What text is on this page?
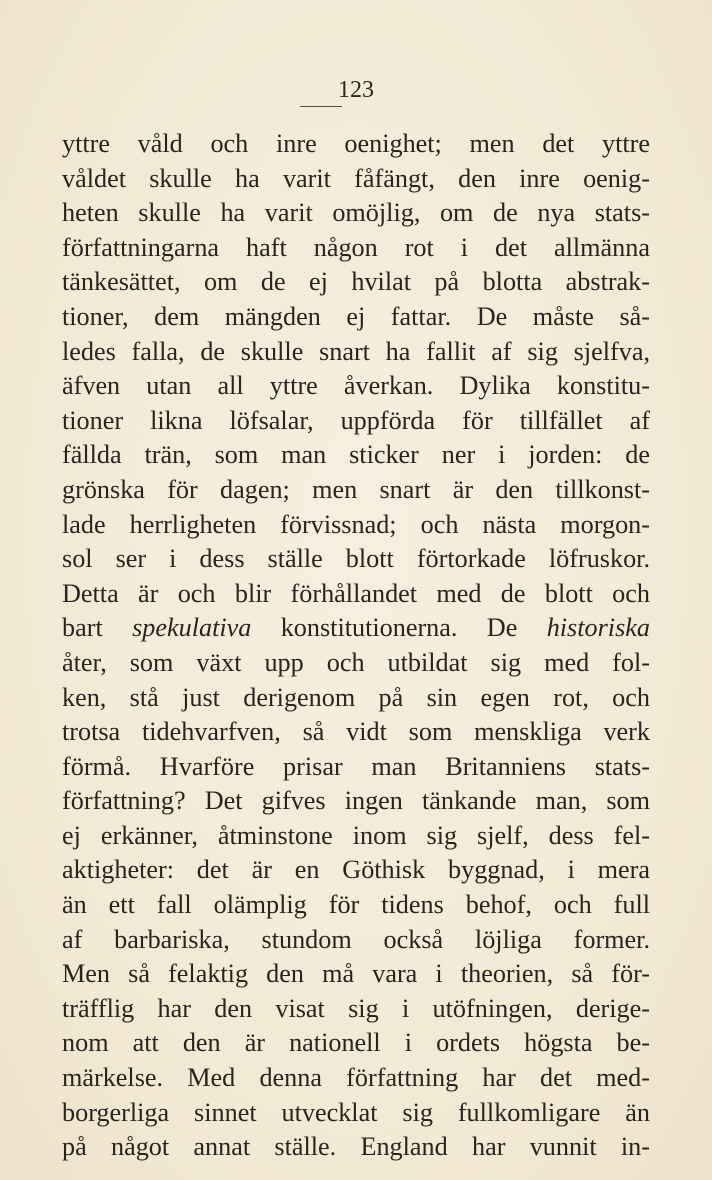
123
yttre våld och inre oenighet; men det yttre
våldet skulle ha varit fåfängt, den inre oenig-
heten skulle ha varit omöjlig, om de nya stats-
författningarna haft någon rot i det allmänna
tänkesättet, om de ej hvilat på blotta abstrak-
tioner, dem mängden ej fattar. De måste så-
ledes falla, de skulle snart ha fallit af sig sjelfva,
äfven utan all yttre åverkan. Dylika konstitu-
tioner likna löfsalar, uppförda för tillfället af
fällda trän, som man sticker ner i jorden: de
grönska för dagen; men snart är den tillkonst-
lade herrligheten förvissnad; och nästa morgon-
sol ser i dess ställe blott förtorkade löfruskor.
Detta är och blir förhållandet med de blott och
bart spekulativa konstitutionerna. De historiska
åter, som växt upp och utbildat sig med fol-
ken, stå just derigenom på sin egen rot, och
trotsa tidehvarfven, så vidt som menskliga verk
förmå. Hvarföre prisar man Britanniens stats-
författning? Det gifves ingen tänkande man, som
ej erkänner, åtminstone inom sig sjelf, dess fel-
aktigheter: det är en Göthisk byggnad, i mera
än ett fall olämplig för tidens behof, och full
af barbariska, stundom också löjliga former.
Men så felaktig den må vara i theorien, så för-
träfflig har den visat sig i utöfningen, derige-
nom att den är nationell i ordets högsta be-
märkelse. Med denna författning har det med-
borgerliga sinnet utvecklat sig fullkomligare än
på något annat ställe. England har vunnit in-
